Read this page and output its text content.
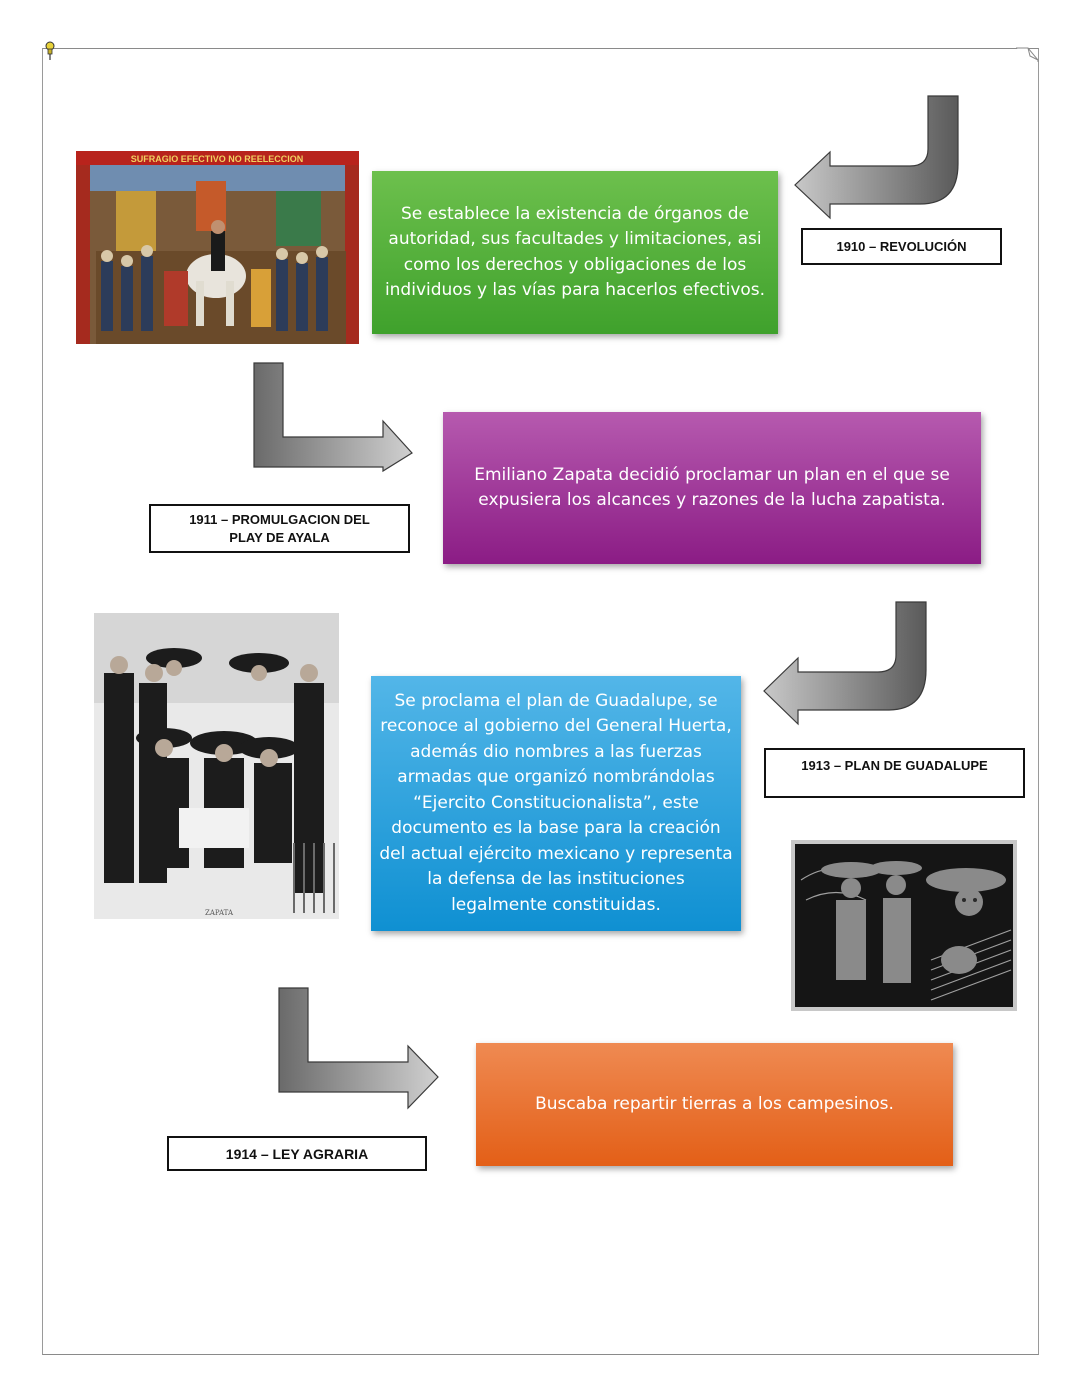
SUFRAGIO EFECTIVO NO REELECCION
ZAPATA
Se establece la existencia de órganos de autoridad, sus facultades y limitaciones, asi como los derechos y obligaciones de los individuos y las vías para hacerlos efectivos.
Emiliano Zapata decidió proclamar un plan en el que se expusiera los alcances y razones de la lucha zapatista.
Se proclama el plan de Guadalupe, se reconoce al gobierno del General Huerta, además dio nombres a las fuerzas armadas que organizó nombrándolas “Ejercito Constitucionalista”, este documento es la base para la creación del actual ejército mexicano y representa la defensa de las instituciones legalmente constituidas.
Buscaba repartir tierras a los campesinos.
1910 – REVOLUCIÓN
1911 – PROMULGACION DEL PLAY DE AYALA
1913 – PLAN DE GUADALUPE
1914 – LEY AGRARIA
